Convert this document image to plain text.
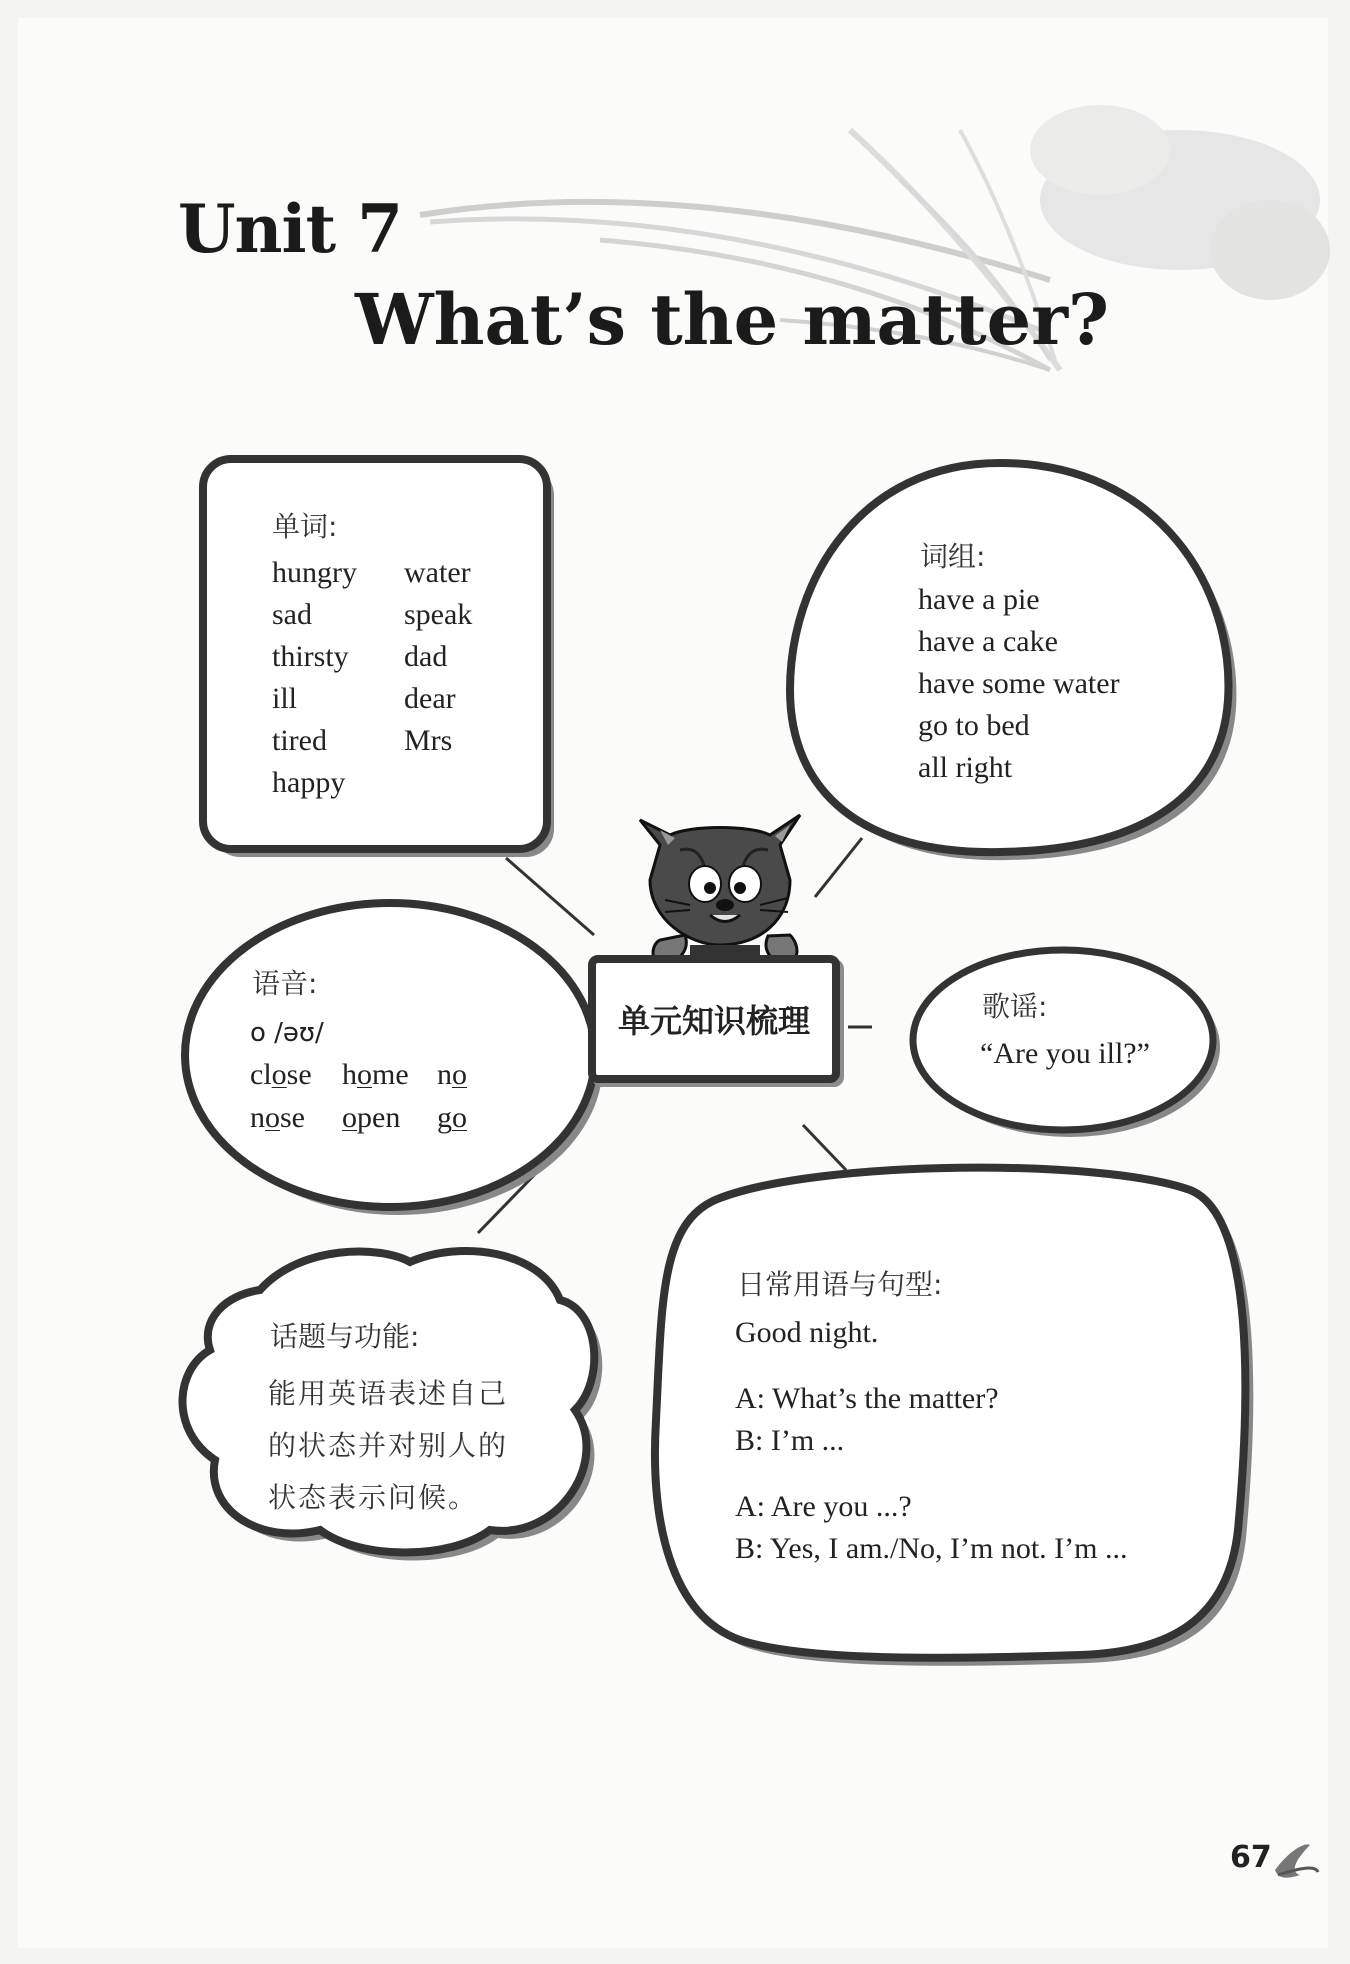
Unit 7
What’s the matter?
单词:
hungry
sad
thirsty
ill
tired
happy
water
speak
dad
dear
Mrs
词组:
have a pie
have a cake
have some water
go to bed
all right
单元知识梳理
语音:
o /əʊ/
close home no
nose open go
歌谣:
“Are you ill?”
话题与功能:
能用英语表述自己
的状态并对别人的
状态表示问候。
日常用语与句型:
Good night.
A: What’s the matter?
B: I’m ...
A: Are you ...?
B: Yes, I am./No, I’m not. I’m ...
67
